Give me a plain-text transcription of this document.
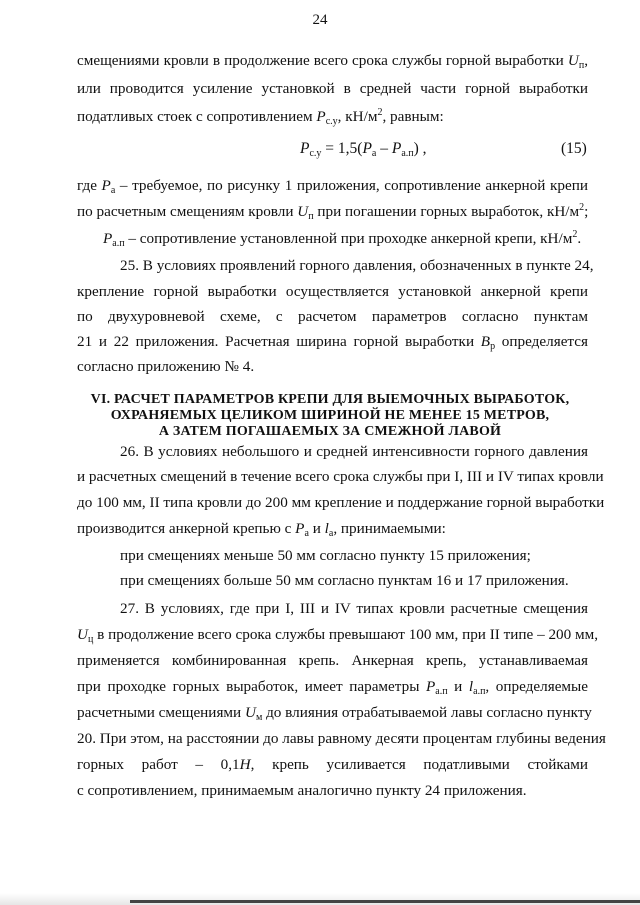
24
смещениями кровли в продолжение всего срока службы горной выработки $U_п$,
или проводится усиление установкой в средней части горной выработки
податливых стоек с сопротивлением $P_{с.у}$, $кН/м^2$, равным:
$P_{с.у} = 1,5(P_а - P_{а.п})$ ,	(15)
где $P_а$ – требуемое, по рисунку 1 приложения, сопротивление анкерной крепи
по расчетным смещениям кровли $U_п$ при погашении горных выработок, $кН/м^2$;
$P_{а.п}$ – сопротивление установленной при проходке анкерной крепи, $кН/м^2$.
25. В условиях проявлений горного давления, обозначенных в пункте 24,
крепление горной выработки осуществляется установкой анкерной крепи
по двухуровневой схеме, с расчетом параметров согласно пунктам
21 и 22 приложения. Расчетная ширина горной выработки $B_р$ определяется
согласно приложению № 4.
VI. РАСЧЕТ ПАРАМЕТРОВ КРЕПИ ДЛЯ ВЫЕМОЧНЫХ ВЫРАБОТОК,
ОХРАНЯЕМЫХ ЦЕЛИКОМ ШИРИНОЙ НЕ МЕНЕЕ 15 МЕТРОВ,
А ЗАТЕМ ПОГАШАЕМЫХ ЗА СМЕЖНОЙ ЛАВОЙ
26. В условиях небольшого и средней интенсивности горного давления
и расчетных смещений в течение всего срока службы при I, III и IV типах кровли
до 100 мм, II типа кровли до 200 мм крепление и поддержание горной выработки
производится анкерной крепью с $P_а$ и $l_а$, принимаемыми:
при смещениях меньше 50 мм согласно пункту 15 приложения;
при смещениях больше 50 мм согласно пунктам 16 и 17 приложения.
27. В условиях, где при I, III и IV типах кровли расчетные смещения
$U_ц$ в продолжение всего срока службы превышают 100 мм, при II типе – 200 мм,
применяется комбинированная крепь. Анкерная крепь, устанавливаемая
при проходке горных выработок, имеет параметры $P_{а.п}$ и $l_{а.п}$, определяемые
расчетными смещениями $U_м$ до влияния отрабатываемой лавы согласно пункту
20. При этом, на расстоянии до лавы равному десяти процентам глубины ведения
горных работ – 0,1H, крепь усиливается податливыми стойками
с сопротивлением, принимаемым аналогично пункту 24 приложения.
